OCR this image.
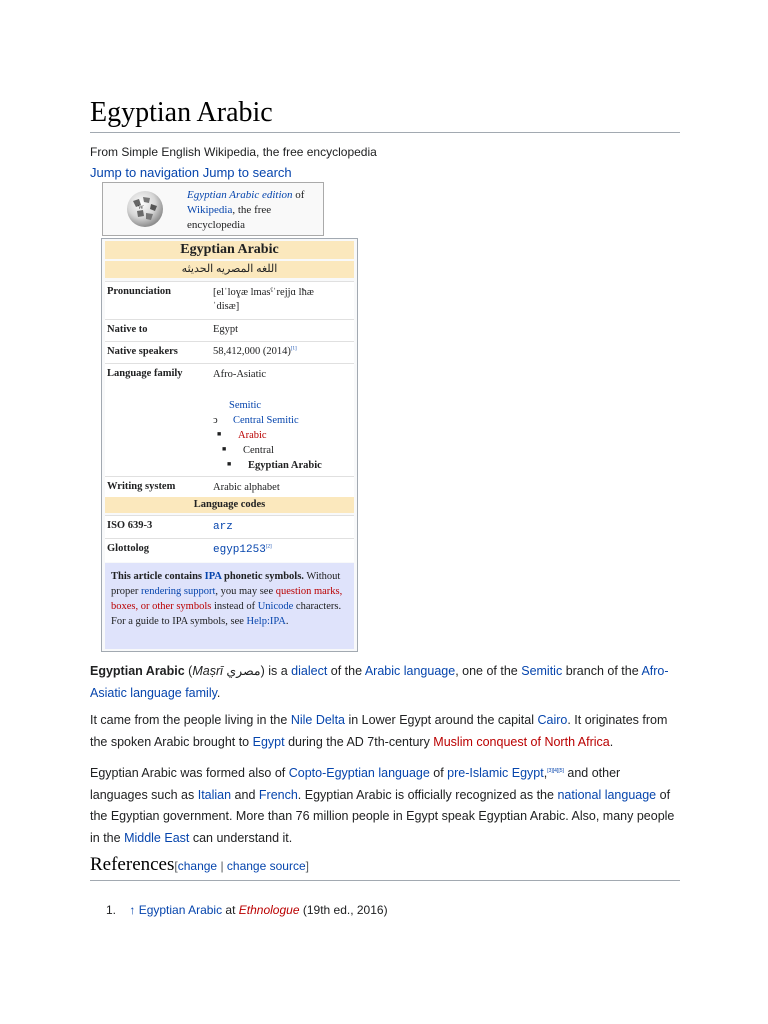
Egyptian Arabic
From Simple English Wikipedia, the free encyclopedia
Jump to navigation Jump to search
W
Egyptian Arabic edition of Wikipedia, the free encyclopedia
Egyptian Arabic
اللغه المصريه الحديثه
Pronunciation	[elˈloɣæ lmasˤˈrejjɑ lħæˈdisæ]
Native to	Egypt
Native speakers	58,412,000 (2014)[1]
Language family	Afro-Asiatic
Semitic
ↄ Central Semitic
■ Arabic
■ Central
■ Egyptian Arabic
Writing system	Arabic alphabet
Language codes
ISO 639-3	arz
Glottolog	egyp1253[2]
This article contains IPA phonetic symbols. Without proper rendering support, you may see question marks, boxes, or other symbols instead of Unicode characters. For a guide to IPA symbols, see Help:IPA.

Egyptian Arabic (Maṣrī مصري) is a dialect of the Arabic language, one of the Semitic branch of the Afro-Asiatic language family.

It came from the people living in the Nile Delta in Lower Egypt around the capital Cairo. It originates from the spoken Arabic brought to Egypt during the AD 7th-century Muslim conquest of North Africa.

Egyptian Arabic was formed also of Copto-Egyptian language of pre-Islamic Egypt,[3][4][5] and other languages such as Italian and French. Egyptian Arabic is officially recognized as the national language of the Egyptian government. More than 76 million people in Egypt speak Egyptian Arabic. Also, many people in the Middle East can understand it.

References[change | change source]
1. ↑ Egyptian Arabic at Ethnologue (19th ed., 2016)
